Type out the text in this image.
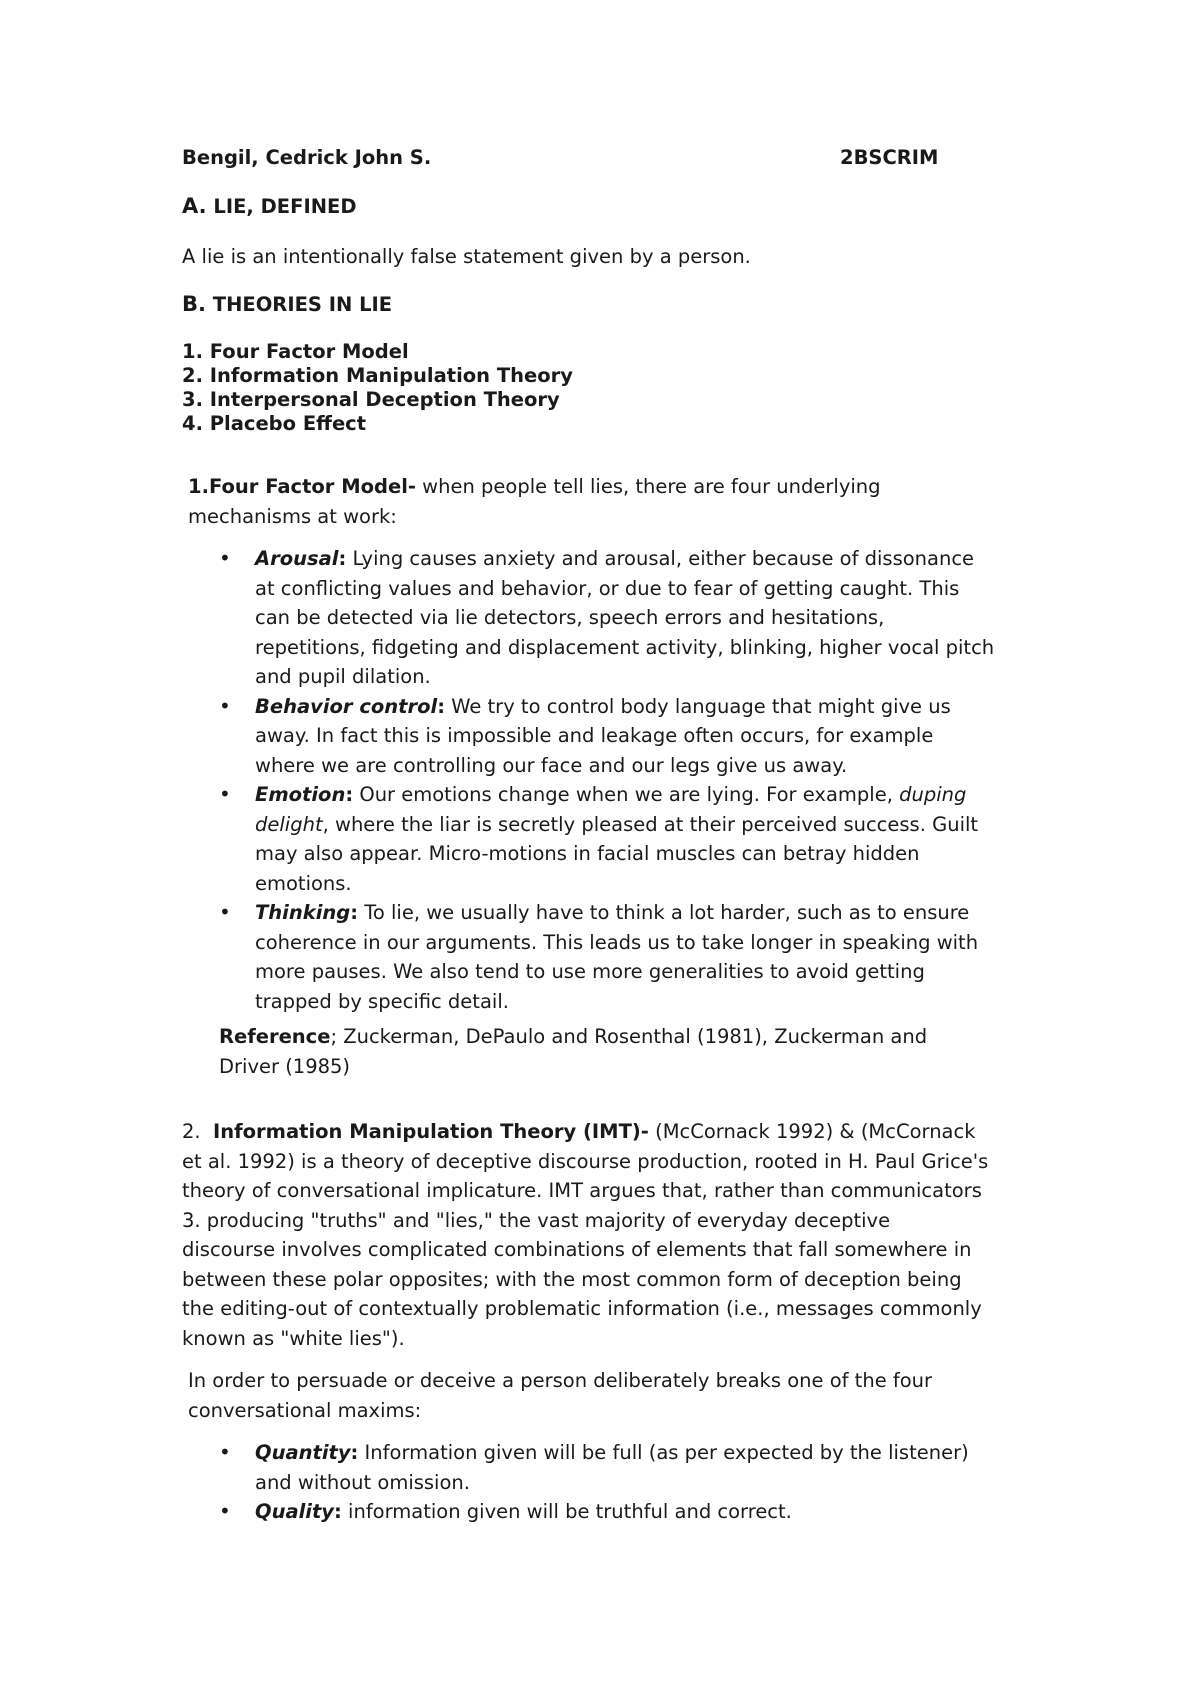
Bengil, Cedrick John S.	2BSCRIM
A. LIE, DEFINED
A lie is an intentionally false statement given by a person.
B. THEORIES IN LIE
1. Four Factor Model
2. Information Manipulation Theory
3. Interpersonal Deception Theory
4. Placebo Effect
1.Four Factor Model- when people tell lies, there are four underlying
mechanisms at work:
• Arousal: Lying causes anxiety and arousal, either because of dissonance
at conflicting values and behavior, or due to fear of getting caught. This
can be detected via lie detectors, speech errors and hesitations,
repetitions, fidgeting and displacement activity, blinking, higher vocal pitch
and pupil dilation.
• Behavior control: We try to control body language that might give us
away. In fact this is impossible and leakage often occurs, for example
where we are controlling our face and our legs give us away.
• Emotion: Our emotions change when we are lying. For example, duping
delight, where the liar is secretly pleased at their perceived success. Guilt
may also appear. Micro-motions in facial muscles can betray hidden
emotions.
• Thinking: To lie, we usually have to think a lot harder, such as to ensure
coherence in our arguments. This leads us to take longer in speaking with
more pauses. We also tend to use more generalities to avoid getting
trapped by specific detail.
Reference; Zuckerman, DePaulo and Rosenthal (1981), Zuckerman and
Driver (1985)
2. Information Manipulation Theory (IMT)- (McCornack 1992) & (McCornack
et al. 1992) is a theory of deceptive discourse production, rooted in H. Paul Grice's
theory of conversational implicature. IMT argues that, rather than communicators
3. producing "truths" and "lies," the vast majority of everyday deceptive
discourse involves complicated combinations of elements that fall somewhere in
between these polar opposites; with the most common form of deception being
the editing-out of contextually problematic information (i.e., messages commonly
known as "white lies").
In order to persuade or deceive a person deliberately breaks one of the four
conversational maxims:
• Quantity: Information given will be full (as per expected by the listener)
and without omission.
• Quality: information given will be truthful and correct.
